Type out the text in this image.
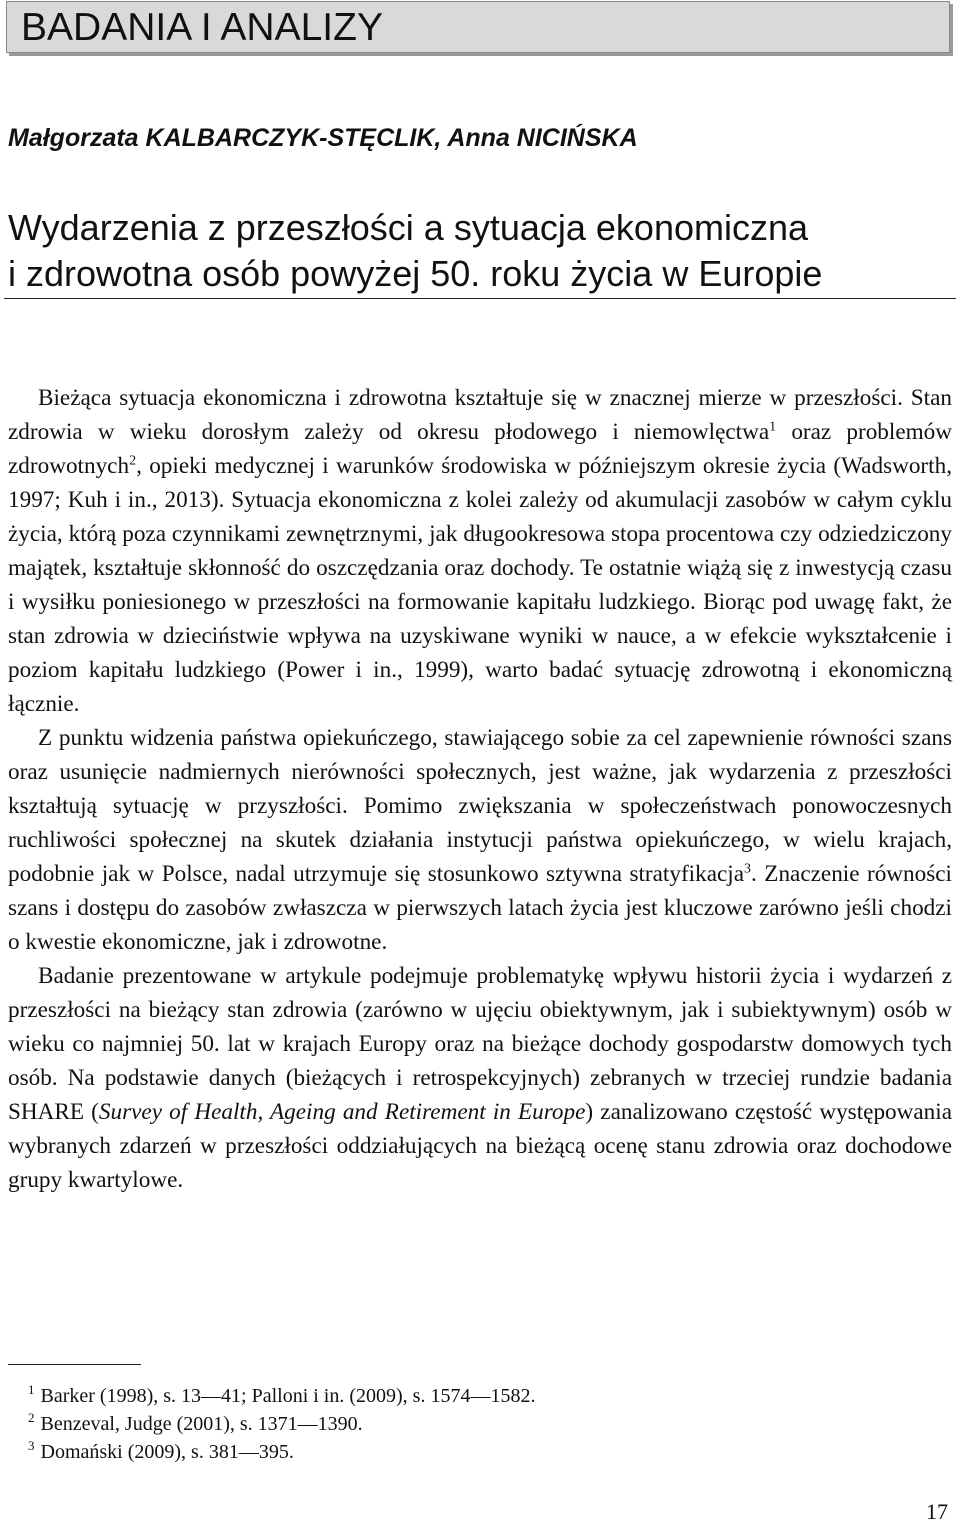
BADANIA I ANALIZY
Małgorzata KALBARCZYK-STĘCLIK, Anna NICIŃSKA
Wydarzenia z przeszłości a sytuacja ekonomiczna
i zdrowotna osób powyżej 50. roku życia w Europie

Bieżąca sytuacja ekonomiczna i zdrowotna kształtuje się w znacznej mierze w przeszłości. Stan zdrowia w wieku dorosłym zależy od okresu płodowego i niemowlęctwa$^1$ oraz problemów zdrowotnych$^2$, opieki medycznej i warunków środowiska w późniejszym okresie życia (Wadsworth, 1997; Kuh i in., 2013). Sytuacja ekonomiczna z kolei zależy od akumulacji zasobów w całym cyklu życia, którą poza czynnikami zewnętrznymi, jak długookresowa stopa procentowa czy odziedziczony majątek, kształtuje skłonność do oszczędzania oraz dochody. Te ostatnie wiążą się z inwestycją czasu i wysiłku poniesionego w przeszłości na formowanie kapitału ludzkiego. Biorąc pod uwagę fakt, że stan zdrowia w dzieciństwie wpływa na uzyskiwane wyniki w nauce, a w efekcie wykształcenie i poziom kapitału ludzkiego (Power i in., 1999), warto badać sytuację zdrowotną i ekonomiczną łącznie.

Z punktu widzenia państwa opiekuńczego, stawiającego sobie za cel zapewnienie równości szans oraz usunięcie nadmiernych nierówności społecznych, jest ważne, jak wydarzenia z przeszłości kształtują sytuację w przyszłości. Pomimo zwiększania w społeczeństwach ponowoczesnych ruchliwości społecznej na skutek działania instytucji państwa opiekuńczego, w wielu krajach, podobnie jak w Polsce, nadal utrzymuje się stosunkowo sztywna stratyfikacja$^3$. Znaczenie równości szans i dostępu do zasobów zwłaszcza w pierwszych latach życia jest kluczowe zarówno jeśli chodzi o kwestie ekonomiczne, jak i zdrowotne.

Badanie prezentowane w artykule podejmuje problematykę wpływu historii życia i wydarzeń z przeszłości na bieżący stan zdrowia (zarówno w ujęciu obiektywnym, jak i subiektywnym) osób w wieku co najmniej 50. lat w krajach Europy oraz na bieżące dochody gospodarstw domowych tych osób. Na podstawie danych (bieżących i retrospekcyjnych) zebranych w trzeciej rundzie badania SHARE (Survey of Health, Ageing and Retirement in Europe) zanalizowano częstość występowania wybranych zdarzeń w przeszłości oddziałujących na bieżącą ocenę stanu zdrowia oraz dochodowe grupy kwartylowe.

$^1$ Barker (1998), s. 13—41; Palloni i in. (2009), s. 1574—1582.
$^2$ Benzeval, Judge (2001), s. 1371—1390.
$^3$ Domański (2009), s. 381—395.
17
